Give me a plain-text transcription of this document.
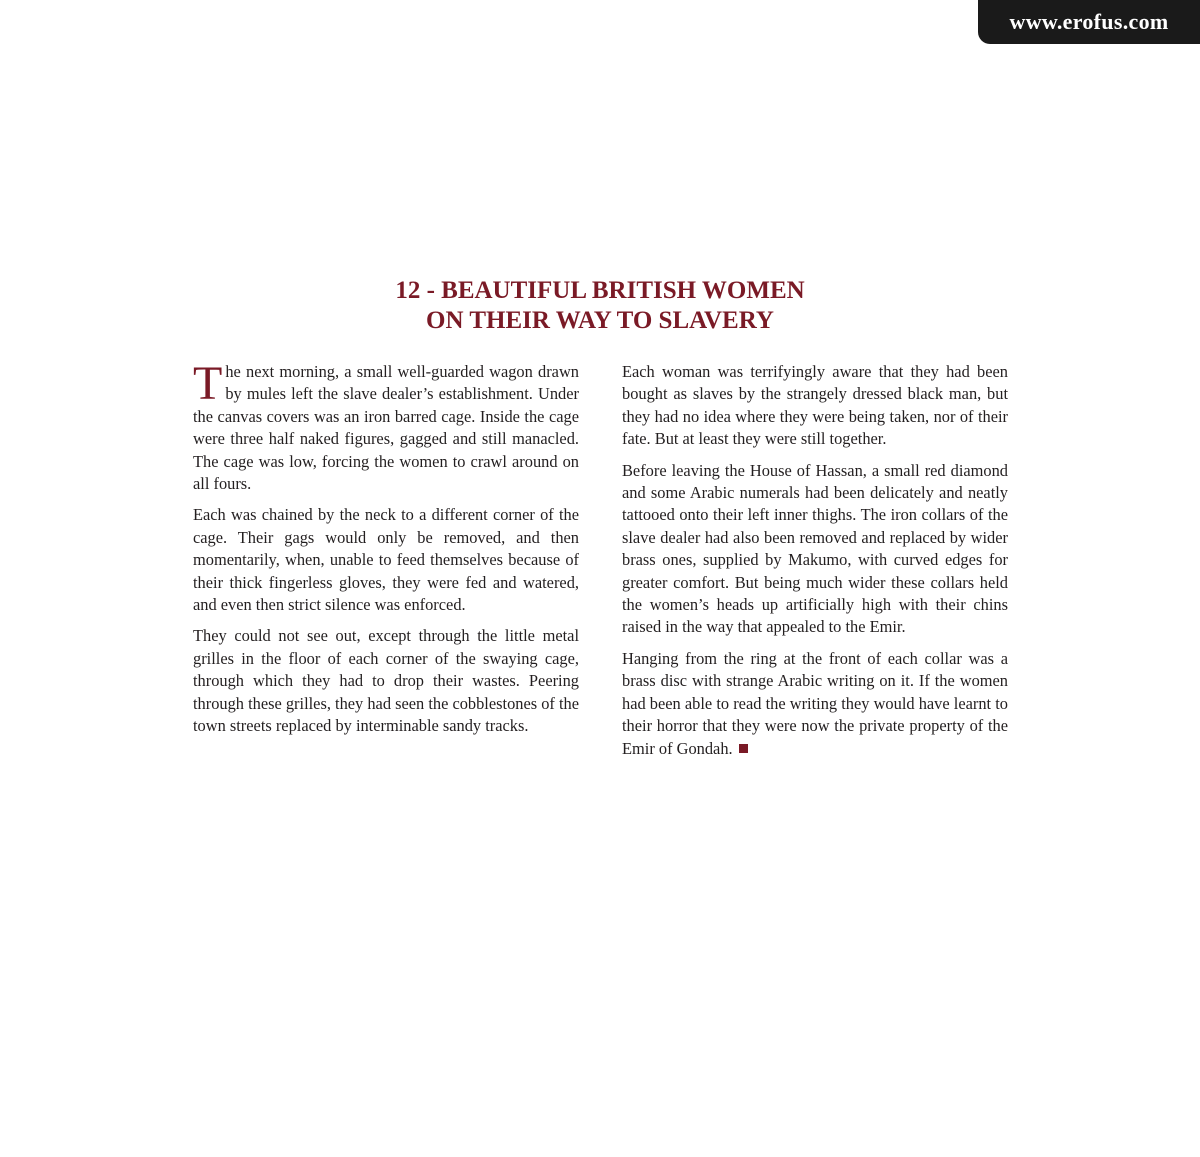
www.erofus.com
12 - BEAUTIFUL BRITISH WOMEN
ON THEIR WAY TO SLAVERY

The next morning, a small well-guarded wagon drawn by mules left the slave dealer’s establishment. Under the canvas covers was an iron barred cage. Inside the cage were three half naked figures, gagged and still manacled. The cage was low, forcing the women to crawl around on all fours.

Each was chained by the neck to a different corner of the cage. Their gags would only be removed, and then momentarily, when, unable to feed themselves because of their thick fingerless gloves, they were fed and watered, and even then strict silence was enforced.

They could not see out, except through the little metal grilles in the floor of each corner of the swaying cage, through which they had to drop their wastes. Peering through these grilles, they had seen the cobblestones of the town streets replaced by interminable sandy tracks.

Each woman was terrifyingly aware that they had been bought as slaves by the strangely dressed black man, but they had no idea where they were being taken, nor of their fate. But at least they were still together.

Before leaving the House of Hassan, a small red diamond and some Arabic numerals had been delicately and neatly tattooed onto their left inner thighs. The iron collars of the slave dealer had also been removed and replaced by wider brass ones, supplied by Makumo, with curved edges for greater comfort. But being much wider these collars held the women’s heads up artificially high with their chins raised in the way that appealed to the Emir.

Hanging from the ring at the front of each collar was a brass disc with strange Arabic writing on it. If the women had been able to read the writing they would have learnt to their horror that they were now the private property of the Emir of Gondah.
